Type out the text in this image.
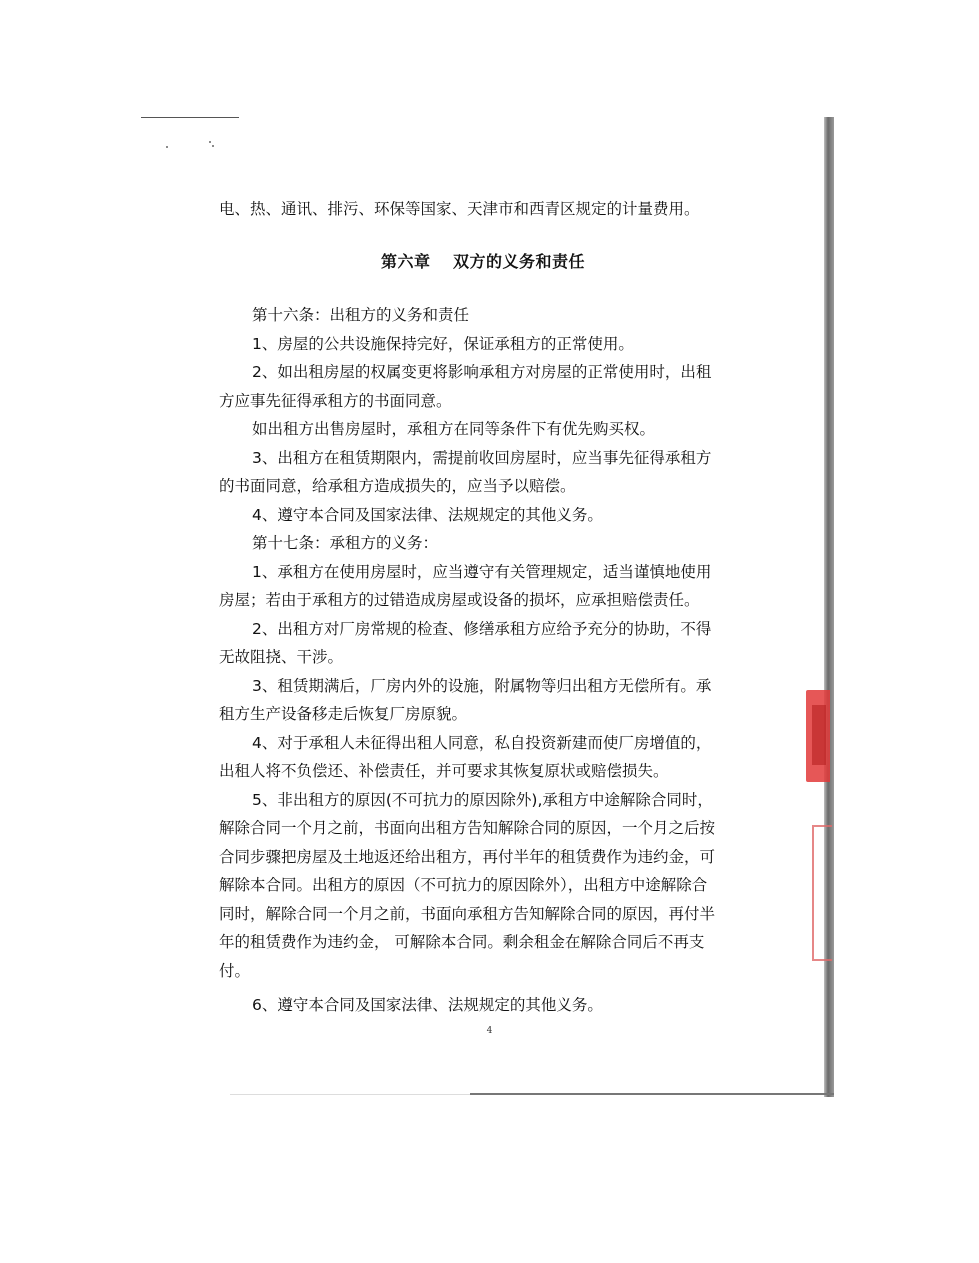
电、热、通讯、排污、环保等国家、天津市和西青区规定的计量费用。

第六章　 双方的义务和责任

第十六条：出租方的义务和责任

1、房屋的公共设施保持完好，保证承租方的正常使用。

2、如出租房屋的权属变更将影响承租方对房屋的正常使用时，出租

方应事先征得承租方的书面同意。

如出租方出售房屋时，承租方在同等条件下有优先购买权。

3、出租方在租赁期限内，需提前收回房屋时，应当事先征得承租方

的书面同意，给承租方造成损失的，应当予以赔偿。

4、遵守本合同及国家法律、法规规定的其他义务。

第十七条：承租方的义务：

1、承租方在使用房屋时，应当遵守有关管理规定，适当谨慎地使用

房屋；若由于承租方的过错造成房屋或设备的损坏，应承担赔偿责任。

2、出租方对厂房常规的检查、修缮承租方应给予充分的协助，不得

无故阻挠、干涉。

3、租赁期满后，厂房内外的设施，附属物等归出租方无偿所有。承

租方生产设备移走后恢复厂房原貌。

4、对于承租人未征得出租人同意，私自投资新建而使厂房增值的，

出租人将不负偿还、补偿责任，并可要求其恢复原状或赔偿损失。

5、非出租方的原因(不可抗力的原因除外),承租方中途解除合同时，

解除合同一个月之前，书面向出租方告知解除合同的原因，一个月之后按

合同步骤把房屋及土地返还给出租方，再付半年的租赁费作为违约金，可

解除本合同。出租方的原因（不可抗力的原因除外），出租方中途解除合

同时，解除合同一个月之前，书面向承租方告知解除合同的原因，再付半

年的租赁费作为违约金， 可解除本合同。剩余租金在解除合同后不再支

付。

6、遵守本合同及国家法律、法规规定的其他义务。

4
